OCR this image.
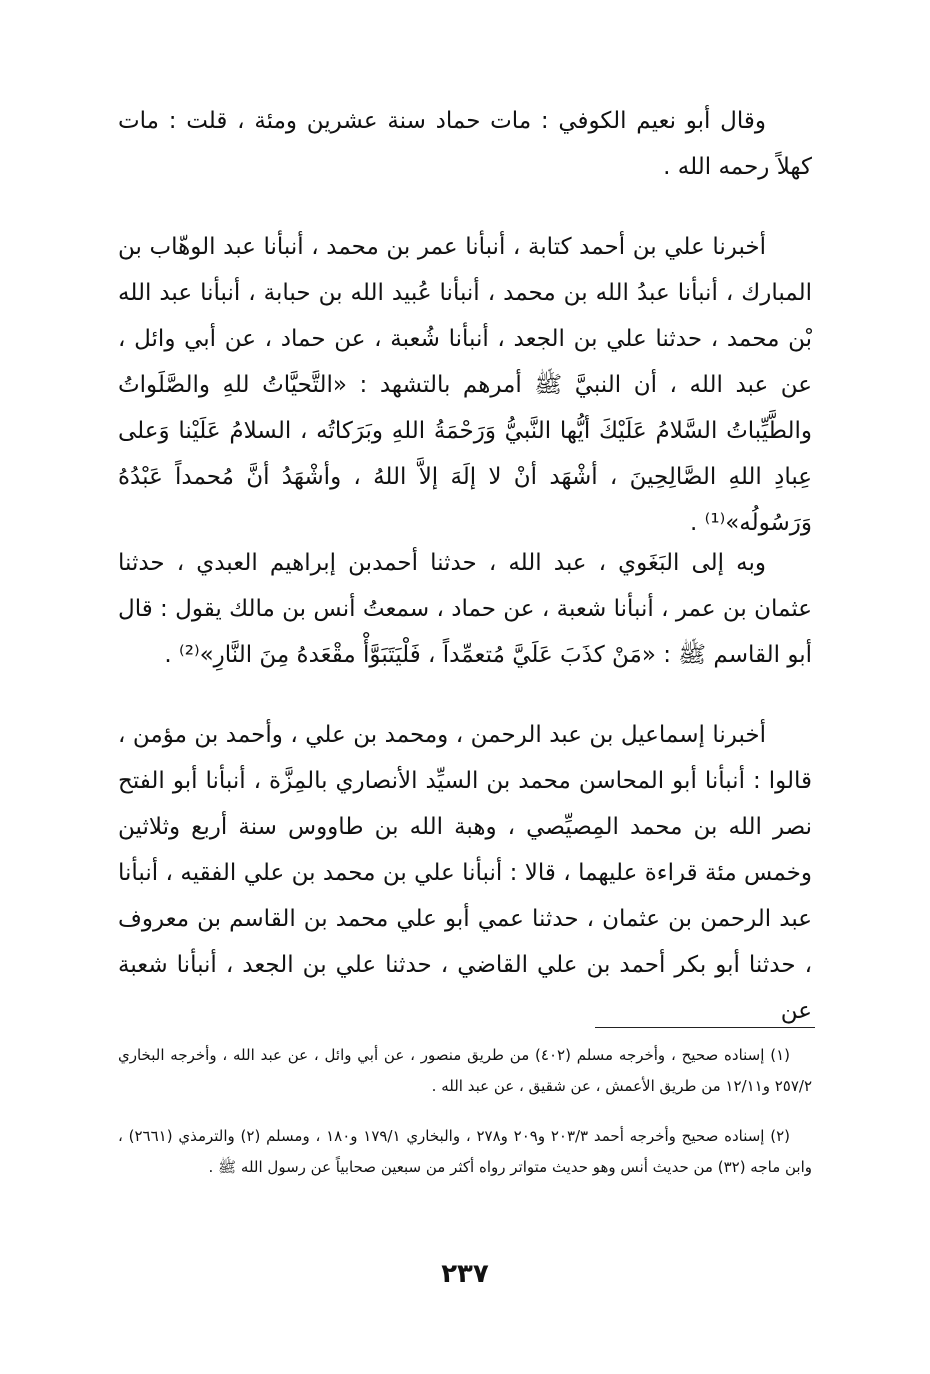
وقال أبو نعيم الكوفي : مات حماد سنة عشرين ومئة ، قلت : مات كهلاً رحمه الله .

أخبرنا علي بن أحمد كتابة ، أنبأنا عمر بن محمد ، أنبأنا عبد الوهّاب بن المبارك ، أنبأنا عبدُ الله بن محمد ، أنبأنا عُبيد الله بن حبابة ، أنبأنا عبد الله بْن محمد ، حدثنا علي بن الجعد ، أنبأنا شُعبة ، عن حماد ، عن أبي وائل ، عن عبد الله ، أن النبيَّ ﷺ أمرهم بالتشهد : «التَّحيَّاتُ للهِ والصَّلَواتُ والطَّيِّباتُ السَّلامُ عَلَيْكَ أيُّها النَّبيُّ وَرَحْمَةُ اللهِ وبَرَكاتُه ، السلامُ عَلَيْنا وَعلى عِبادِ اللهِ الصَّالِحِينَ ، أشْهَد أنْ لا إلَهَ إلاَّ اللهُ ، وأشْهَدُ أنَّ مُحمداً عَبْدُهُ وَرَسُولُه»⁽¹⁾ .

وبه إلى البَغَوي ، عبد الله ، حدثنا أحمدبن إبراهيم العبدي ، حدثنا عثمان بن عمر ، أنبأنا شعبة ، عن حماد ، سمعتُ أنس بن مالك يقول : قال أبو القاسم ﷺ : «مَنْ كذَبَ عَلَيَّ مُتعمِّداً ، فَلْيَتَبَوَّأْ مقْعَدهُ مِنَ النَّارِ»⁽²⁾ .

أخبرنا إسماعيل بن عبد الرحمن ، ومحمد بن علي ، وأحمد بن مؤمن ، قالوا : أنبأنا أبو المحاسن محمد بن السيِّد الأنصاري بالمِزَّة ، أنبأنا أبو الفتح نصر الله بن محمد المِصيِّصي ، وهبة الله بن طاووس سنة أربع وثلاثين وخمس مئة قراءة عليهما ، قالا : أنبأنا علي بن محمد بن علي الفقيه ، أنبأنا عبد الرحمن بن عثمان ، حدثنا عمي أبو علي محمد بن القاسم بن معروف ، حدثنا أبو بكر أحمد بن علي القاضي ، حدثنا علي بن الجعد ، أنبأنا شعبة عن

(١) إسناده صحيح ، وأخرجه مسلم (٤٠٢) من طريق منصور ، عن أبي وائل ، عن عبد الله ، وأخرجه البخاري ٢٥٧/٢ و١٢/١١ من طريق الأعمش ، عن شقيق ، عن عبد الله .

(٢) إسناده صحيح وأخرجه أحمد ٢٠٣/٣ و٢٠٩ و٢٧٨ ، والبخاري ١٧٩/١ و١٨٠ ، ومسلم (٢) والترمذي (٢٦٦١) ، وابن ماجه (٣٢) من حديث أنس وهو حديث متواتر رواه أكثر من سبعين صحابياً عن رسول الله ﷺ .

٢٣٧
